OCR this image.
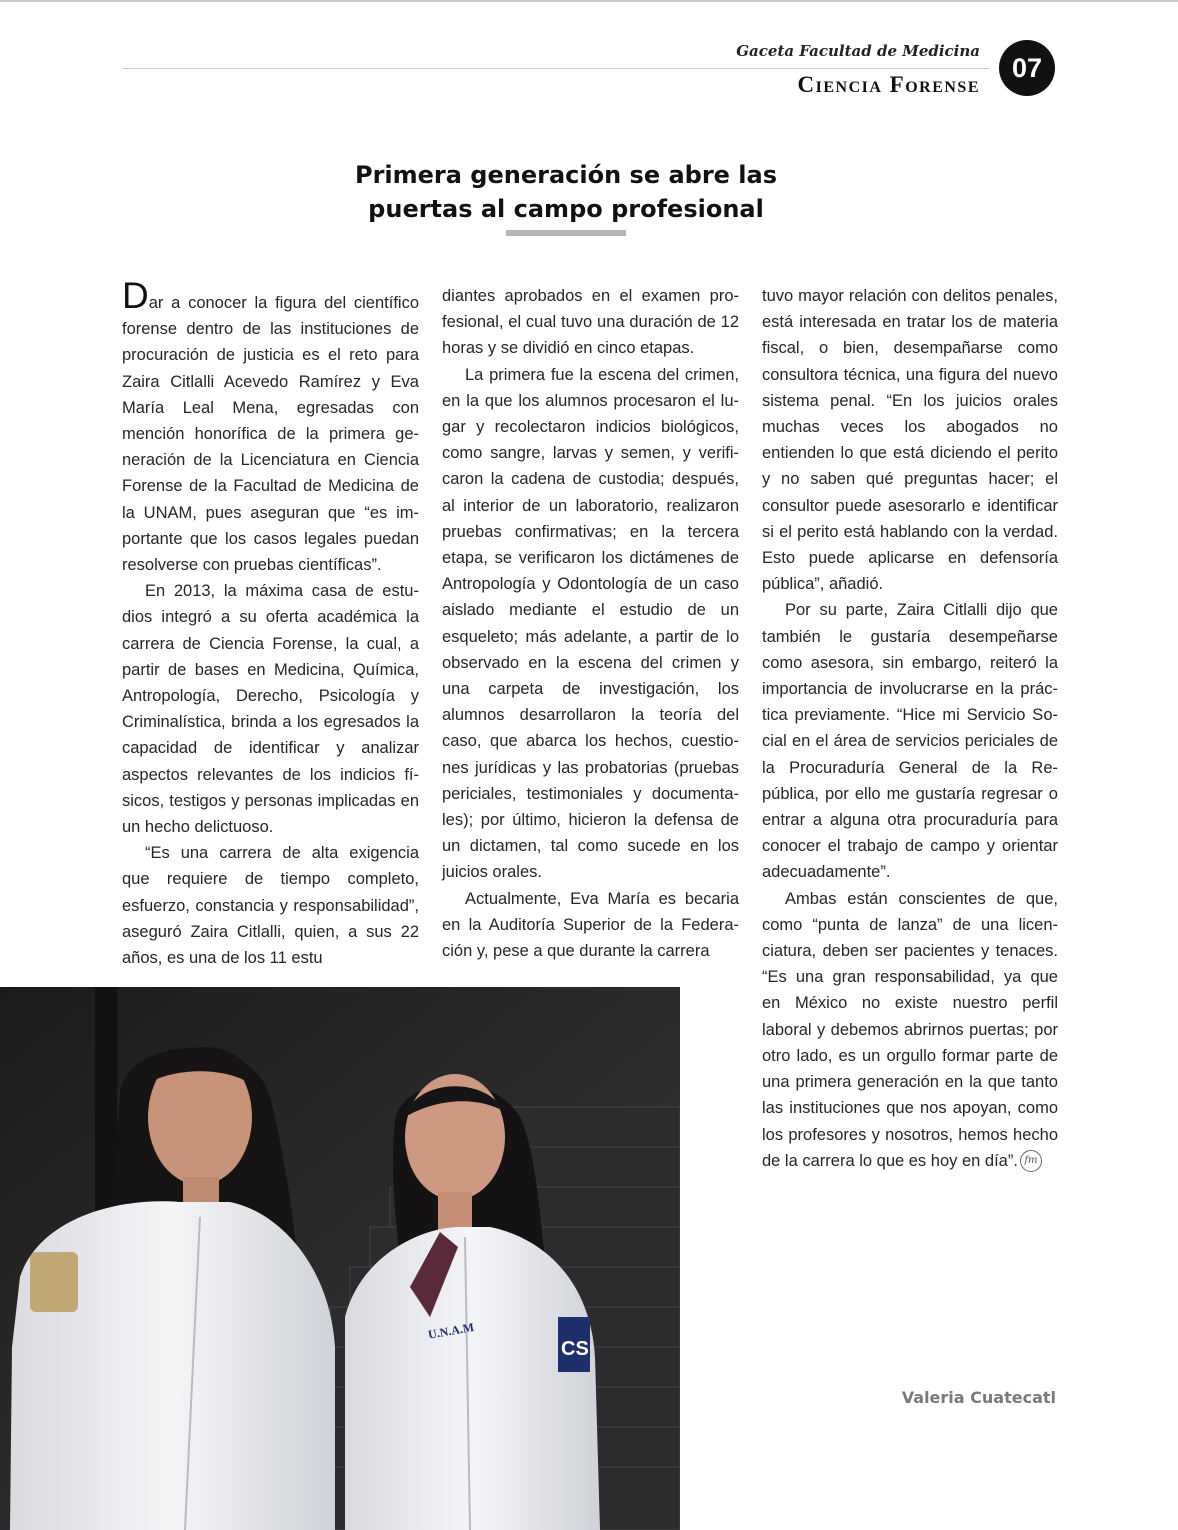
Gaceta Facultad de Medicina
Ciencia Forense
07
Primera generación se abre las
puertas al campo profesional

Dar a conocer la figura del científico forense dentro de las instituciones de procuración de justicia es el reto para Zaira Citlalli Acevedo Ramírez y Eva María Leal Mena, egresadas con mención honorífica de la primera generación de la Licenciatura en Ciencia Forense de la Facultad de Medicina de la UNAM, pues aseguran que “es importante que los casos legales puedan resolverse con pruebas científicas”.

En 2013, la máxima casa de estudios integró a su oferta académica la carrera de Ciencia Forense, la cual, a partir de bases en Medicina, Química, Antropología, Derecho, Psicología y Criminalística, brinda a los egresados la capacidad de identificar y analizar aspectos relevantes de los indicios físicos, testigos y personas implicadas en un hecho delictuoso.

“Es una carrera de alta exigencia que requiere de tiempo completo, esfuerzo, constancia y responsabilidad”, aseguró Zaira Citlalli, quien, a sus 22 años, es una de los 11 estu

diantes aprobados en el examen profesional, el cual tuvo una duración de 12 horas y se dividió en cinco etapas.

La primera fue la escena del crimen, en la que los alumnos procesaron el lugar y recolectaron indicios biológicos, como sangre, larvas y semen, y verificaron la cadena de custodia; después, al interior de un laboratorio, realizaron pruebas confirmativas; en la tercera etapa, se verificaron los dictámenes de Antropología y Odontología de un caso aislado mediante el estudio de un esqueleto; más adelante, a partir de lo observado en la escena del crimen y una carpeta de investigación, los alumnos desarrollaron la teoría del caso, que abarca los hechos, cuestiones jurídicas y las probatorias (pruebas periciales, testimoniales y documentales); por último, hicieron la defensa de un dictamen, tal como sucede en los juicios orales.

Actualmente, Eva María es becaria en la Auditoría Superior de la Federación y, pese a que durante la carrera

tuvo mayor relación con delitos penales, está interesada en tratar los de materia fiscal, o bien, desempañarse como consultora técnica, una figura del nuevo sistema penal. “En los juicios orales muchas veces los abogados no entienden lo que está diciendo el perito y no saben qué preguntas hacer; el consultor puede asesorarlo e identificar si el perito está hablando con la verdad. Esto puede aplicarse en defensoría pública”, añadió.

Por su parte, Zaira Citlalli dijo que también le gustaría desempeñarse como asesora, sin embargo, reiteró la importancia de involucrarse en la práctica previamente. “Hice mi Servicio Social en el área de servicios periciales de la Procuraduría General de la República, por ello me gustaría regresar o entrar a alguna otra procuraduría para conocer el trabajo de campo y orientar adecuadamente”.

Ambas están conscientes de que, como “punta de lanza” de una licenciatura, deben ser pacientes y tenaces. “Es una gran responsabilidad, ya que en México no existe nuestro perfil laboral y debemos abrirnos puertas; por otro lado, es un orgullo formar parte de una primera generación en la que tanto las instituciones que nos apoyan, como los profesores y nosotros, hemos hecho de la carrera lo que es hoy en día”. fm

Valeria Cuatecatl
U.N.A.M
CS
